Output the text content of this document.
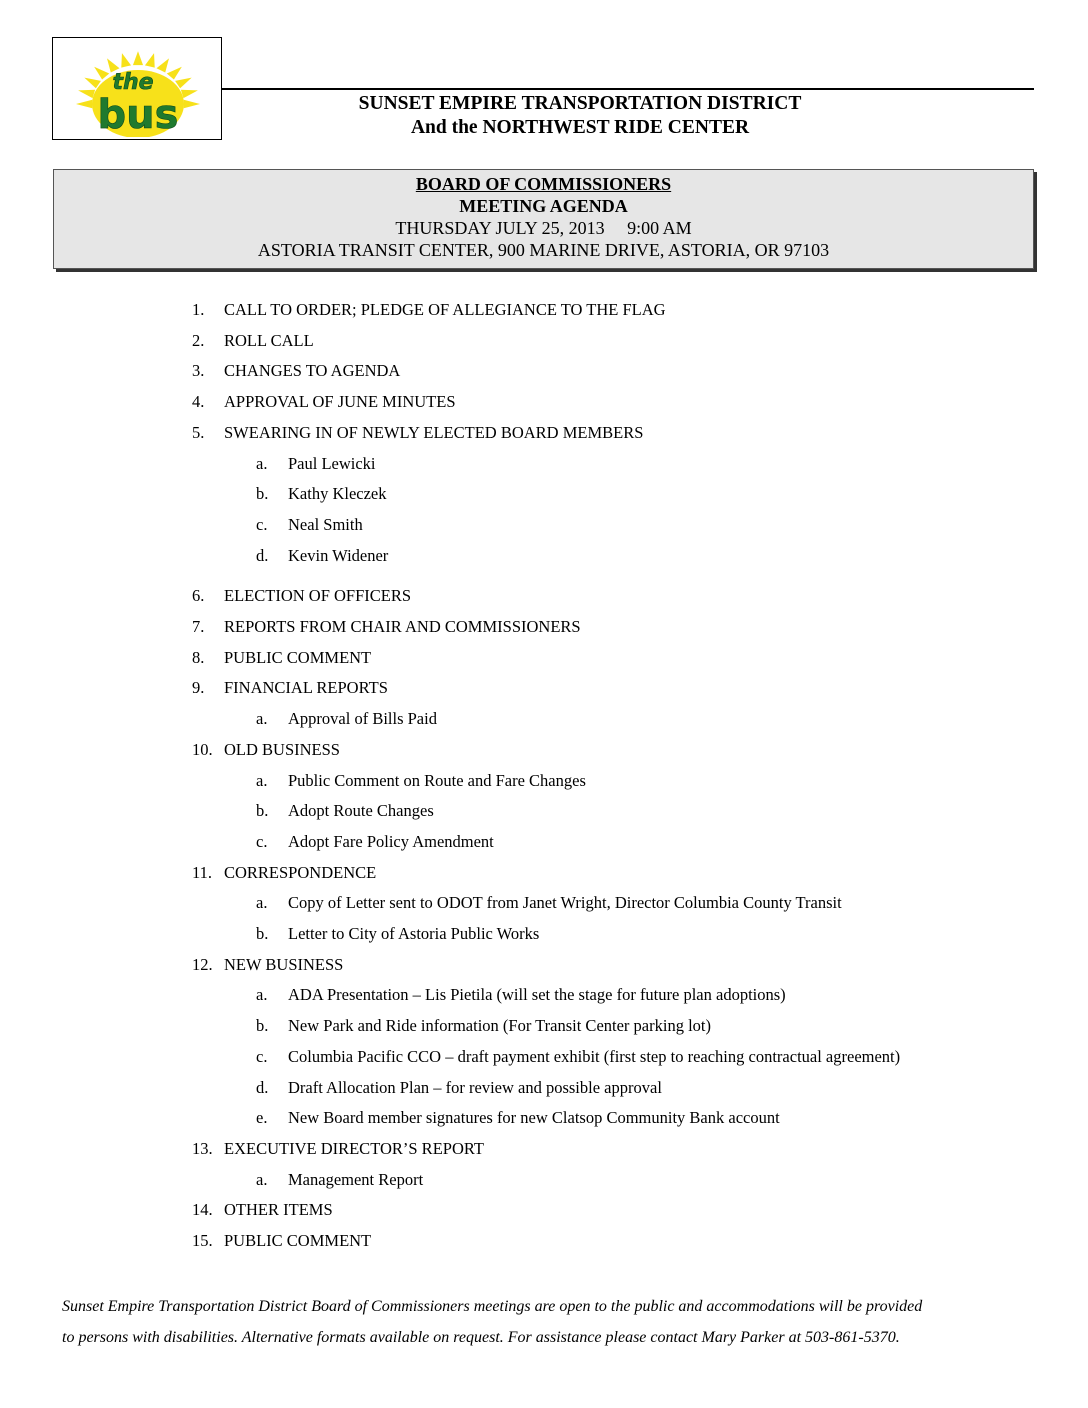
the
bus	SUNSET EMPIRE TRANSPORTATION DISTRICT
And the NORTHWEST RIDE CENTER
BOARD OF COMMISSIONERS
MEETING AGENDA
THURSDAY JULY 25, 2013     9:00 AM
ASTORIA TRANSIT CENTER, 900 MARINE DRIVE, ASTORIA, OR 97103
1. CALL TO ORDER; PLEDGE OF ALLEGIANCE TO THE FLAG
2. ROLL CALL
3. CHANGES TO AGENDA
4. APPROVAL OF JUNE MINUTES
5. SWEARING IN OF NEWLY ELECTED BOARD MEMBERS
a. Paul Lewicki
b. Kathy Kleczek
c. Neal Smith
d. Kevin Widener
6. ELECTION OF OFFICERS
7. REPORTS FROM CHAIR AND COMMISSIONERS
8. PUBLIC COMMENT
9. FINANCIAL REPORTS
a. Approval of Bills Paid
10. OLD BUSINESS
a. Public Comment on Route and Fare Changes
b. Adopt Route Changes
c. Adopt Fare Policy Amendment
11. CORRESPONDENCE
a. Copy of Letter sent to ODOT from Janet Wright, Director Columbia County Transit
b. Letter to City of Astoria Public Works
12. NEW BUSINESS
a. ADA Presentation – Lis Pietila (will set the stage for future plan adoptions)
b. New Park and Ride information (For Transit Center parking lot)
c. Columbia Pacific CCO – draft payment exhibit (first step to reaching contractual agreement)
d. Draft Allocation Plan – for review and possible approval
e. New Board member signatures for new Clatsop Community Bank account
13. EXECUTIVE DIRECTOR’S REPORT
a. Management Report
14. OTHER ITEMS
15. PUBLIC COMMENT
Sunset Empire Transportation District Board of Commissioners meetings are open to the public and accommodations will be provided
to persons with disabilities. Alternative formats available on request. For assistance please contact Mary Parker at 503-861-5370.
